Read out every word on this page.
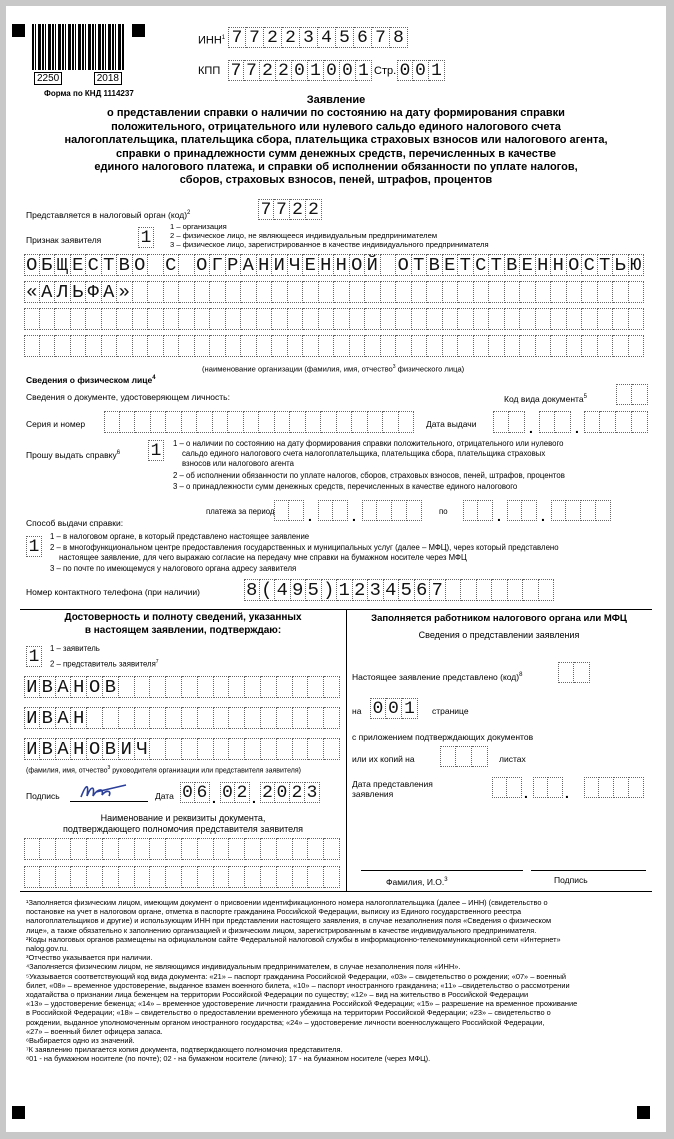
2250	2018
Форма по КНД 1114237
ИНН$^1$ 7 7 2 2 3 4 5 6 7 8
КПП 7 7 2 2 0 1 0 0 1 Стр. 0 0 1
Заявление
о представлении справки о наличии по состоянию на дату формирования справки
положительного, отрицательного или нулевого сальдо единого налогового счета
налогоплательщика, плательщика сбора, плательщика страховых взносов или налогового агента,
справки о принадлежности сумм денежных средств, перечисленных в качестве
единого налогового платежа, и справки об исполнении обязанности по уплате налогов,
сборов, страховых взносов, пеней, штрафов, процентов
Представляется в налоговый орган (код)$^2$	7 7 2 2
Признак заявителя 1
1 – организация
2 – физическое лицо, не являющееся индивидуальным предпринимателем
3 – физическое лицо, зарегистрированное в качестве индивидуального предпринимателя
О Б Щ Е С Т В О С О Г Р А Н И Ч Е Н Н О Й О Т В Е Т С Т В Е Н Н О С Т Ь Ю
« А Л Ь Ф А »
(наименование организации (фамилия, имя, отчество$^3$ физического лица)
Сведения о физическом лице$^4$
Сведения о документе, удостоверяющем личность:	Код вида документа$^5$
Серия и номер	Дата выдачи	.	.
Прошу выдать справку$^6$ 1	1 – о наличии по состоянию на дату формирования справки положительного, отрицательного или нулевого
сальдо единого налогового счета налогоплательщика, плательщика сбора, плательщика страховых
взносов или налогового агента
2 – об исполнении обязанности по уплате налогов, сборов, страховых взносов, пеней, штрафов, процентов
3 – о принадлежности сумм денежных средств, перечисленных в качестве единого налогового
платежа за период .	.	по	.	.
Способ выдачи справки:
1	1 – в налоговом органе, в который представлено настоящее заявление
2 – в многофункциональном центре предоставления государственных и муниципальных услуг (далее – МФЦ), через который представлено
настоящее заявление, для чего выражаю согласие на передачу мне справки на бумажном носителе через МФЦ
3 – по почте по имеющемуся у налогового органа адресу заявителя
Номер контактного телефона (при наличии) 8 ( 4 9 5 ) 1 2 3 4 5 6 7
Достоверность и полноту сведений, указанных
в настоящем заявлении, подтверждаю:
1	1 – заявитель
2 – представитель заявителя$^7$
И В А Н О В
И В А Н
И В А Н О В И Ч
(фамилия, имя, отчество$^3$ руководителя организации или представителя заявителя)
Подпись	Дата 0 6 . 0 2 . 2 0 2 3
Наименование и реквизиты документа,
подтверждающего полномочия представителя заявителя
Заполняется работником налогового органа или МФЦ
Сведения о представлении заявления
Настоящее заявление представлено (код)$^8$
на 0 0 1	странице
с приложением подтверждающих документов
или их копий на	листах
Дата представления
заявления	.	.
Фамилия, И.О.$^3$	Подпись
¹Заполняется физическим лицом, имеющим документ о присвоении идентификационного номера налогоплательщика (далее – ИНН) (свидетельство о
постановке на учет в налоговом органе, отметка в паспорте гражданина Российской Федерации, выписку из Единого государственного реестра
налогоплательщиков и другие) и использующим ИНН при представлении настоящего заявления, в случае незаполнения поля «Сведения о физическом
лице», а также обязательно к заполнению организацией и физическим лицом, зарегистрированным в качестве индивидуального предпринимателя.
²Коды налоговых органов размещены на официальном сайте Федеральной налоговой службы в информационно-телекоммуникационной сети «Интернет»
nalog.gov.ru.
³Отчество указывается при наличии.
⁴Заполняется физическим лицом, не являющимся индивидуальным предпринимателем, в случае незаполнения поля «ИНН».
⁵Указывается соответствующий код вида документа: «21» – паспорт гражданина Российской Федерации, «03» – свидетельство о рождении; «07» – военный
билет, «08» – временное удостоверение, выданное взамен военного билета, «10» – паспорт иностранного гражданина; «11» –свидетельство о рассмотрении
ходатайства о признании лица беженцем на территории Российской Федерации по существу; «12» – вид на жительство в Российской Федерации
«13» – удостоверение беженца; «14» – временное удостоверение личности гражданина Российской Федерации; «15» – разрешение на временное проживание
в Российской Федерации; «18» – свидетельство о предоставлении временного убежища на территории Российской Федерации; «23» – свидетельство о
рождении, выданное уполномоченным органом иностранного государства; «24» – удостоверение личности военнослужащего Российской Федерации,
«27» – военный билет офицера запаса.
⁶Выбирается одно из значений.
⁷К заявлению прилагается копия документа, подтверждающего полномочия представителя.
⁸01 - на бумажном носителе (по почте); 02 - на бумажном носителе (лично); 17 - на бумажном носителе (через МФЦ).
